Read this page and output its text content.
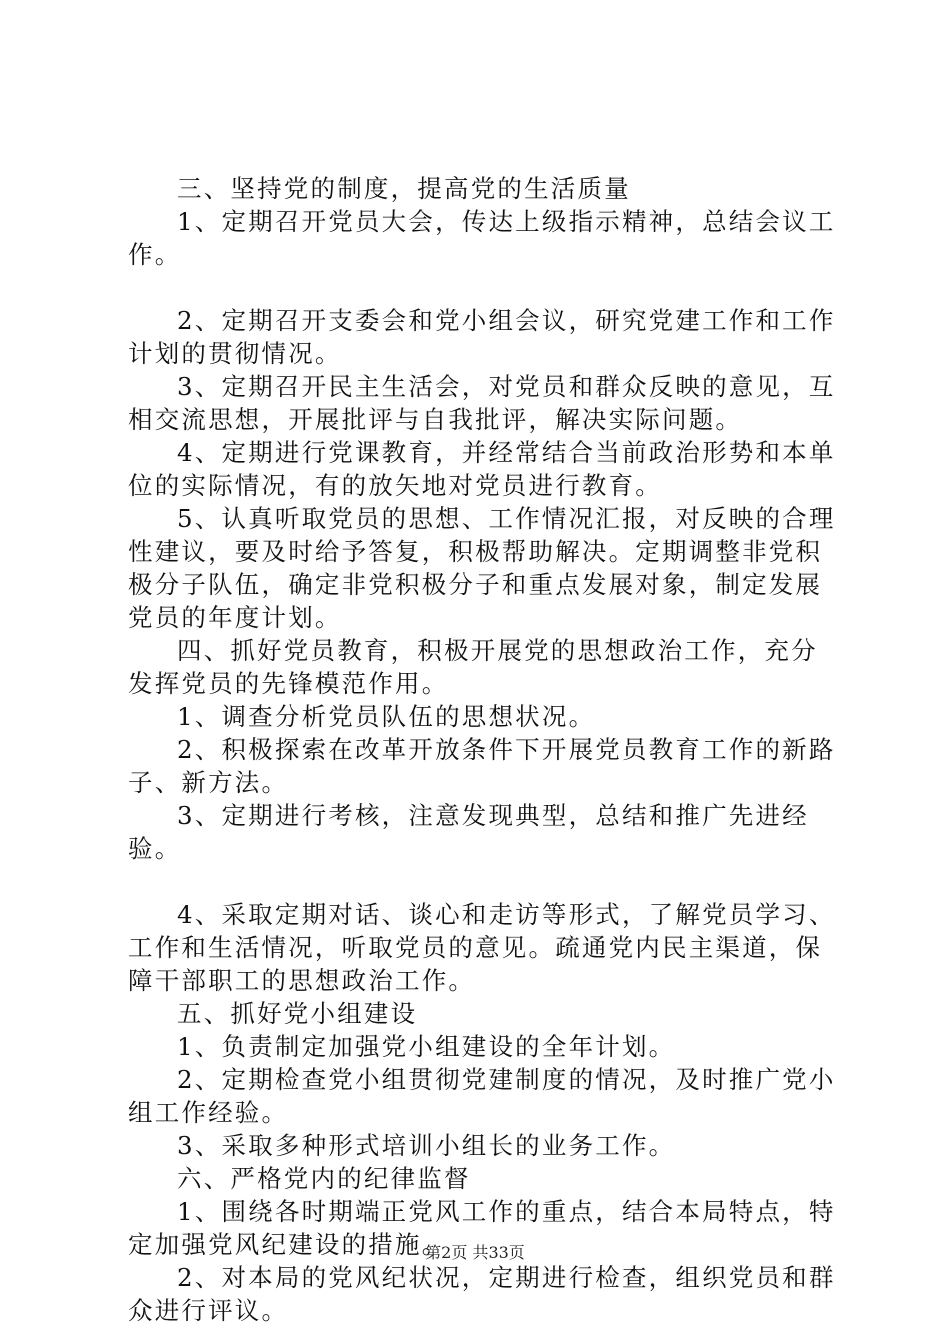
三、坚持党的制度，提高党的生活质量

1、定期召开党员大会，传达上级指示精神，总结会议工作。

2、定期召开支委会和党小组会议，研究党建工作和工作计划的贯彻情况。

3、定期召开民主生活会，对党员和群众反映的意见，互相交流思想，开展批评与自我批评，解决实际问题。

4、定期进行党课教育，并经常结合当前政治形势和本单位的实际情况，有的放矢地对党员进行教育。

5、认真听取党员的思想、工作情况汇报，对反映的合理性建议，要及时给予答复，积极帮助解决。定期调整非党积极分子队伍，确定非党积极分子和重点发展对象，制定发展党员的年度计划。

四、抓好党员教育，积极开展党的思想政治工作，充分发挥党员的先锋模范作用。

1、调查分析党员队伍的思想状况。

2、积极探索在改革开放条件下开展党员教育工作的新路子、新方法。

3、定期进行考核，注意发现典型，总结和推广先进经验。

4、采取定期对话、谈心和走访等形式，了解党员学习、工作和生活情况，听取党员的意见。疏通党内民主渠道，保障干部职工的思想政治工作。

五、抓好党小组建设

1、负责制定加强党小组建设的全年计划。

2、定期检查党小组贯彻党建制度的情况，及时推广党小组工作经验。

3、采取多种形式培训小组长的业务工作。

六、严格党内的纪律监督

1、围绕各时期端正党风工作的重点，结合本局特点，特定加强党风纪建设的措施。

2、对本局的党风纪状况，定期进行检查，组织党员和群众进行评议。

第2页 共33页
